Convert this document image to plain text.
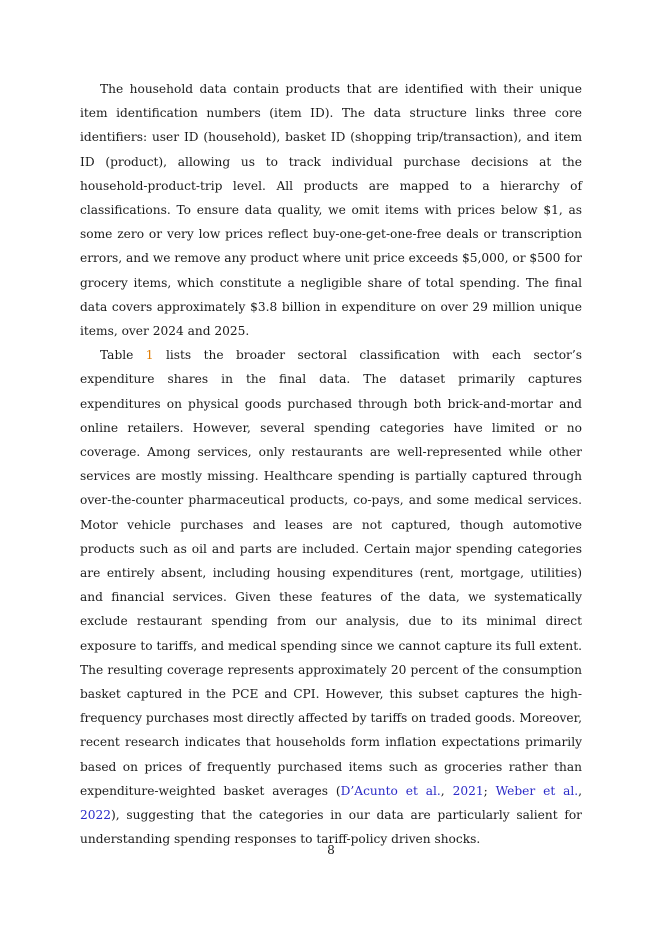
The household data contain products that are identified with their unique item identification numbers (item ID). The data structure links three core identifiers: user ID (household), basket ID (shopping trip/transaction), and item ID (product), allowing us to track individual purchase decisions at the household-product-trip level. All products are mapped to a hierarchy of classifications. To ensure data quality, we omit items with prices below $1, as some zero or very low prices reflect buy-one-get-one-free deals or transcription errors, and we remove any product where unit price exceeds $5,000, or $500 for grocery items, which constitute a negligible share of total spending. The final data covers approximately $3.8 billion in expenditure on over 29 million unique items, over 2024 and 2025.

Table 1 lists the broader sectoral classification with each sector’s expenditure shares in the final data. The dataset primarily captures expenditures on physical goods purchased through both brick-and-mortar and online retailers. However, several spending categories have limited or no coverage. Among services, only restaurants are well-represented while other services are mostly missing. Healthcare spending is partially captured through over-the-counter pharmaceutical products, co-pays, and some medical services. Motor vehicle purchases and leases are not captured, though automotive products such as oil and parts are included. Certain major spending categories are entirely absent, including housing expenditures (rent, mortgage, utilities) and financial services. Given these features of the data, we systematically exclude restaurant spending from our analysis, due to its minimal direct exposure to tariffs, and medical spending since we cannot capture its full extent. The resulting coverage represents approximately 20 percent of the consumption basket captured in the PCE and CPI. However, this subset captures the high-frequency purchases most directly affected by tariffs on traded goods. Moreover, recent research indicates that households form inflation expectations primarily based on prices of frequently purchased items such as groceries rather than expenditure-weighted basket averages (D’Acunto et al., 2021; Weber et al., 2022), suggesting that the categories in our data are particularly salient for understanding spending responses to tariff-policy driven shocks.

8
